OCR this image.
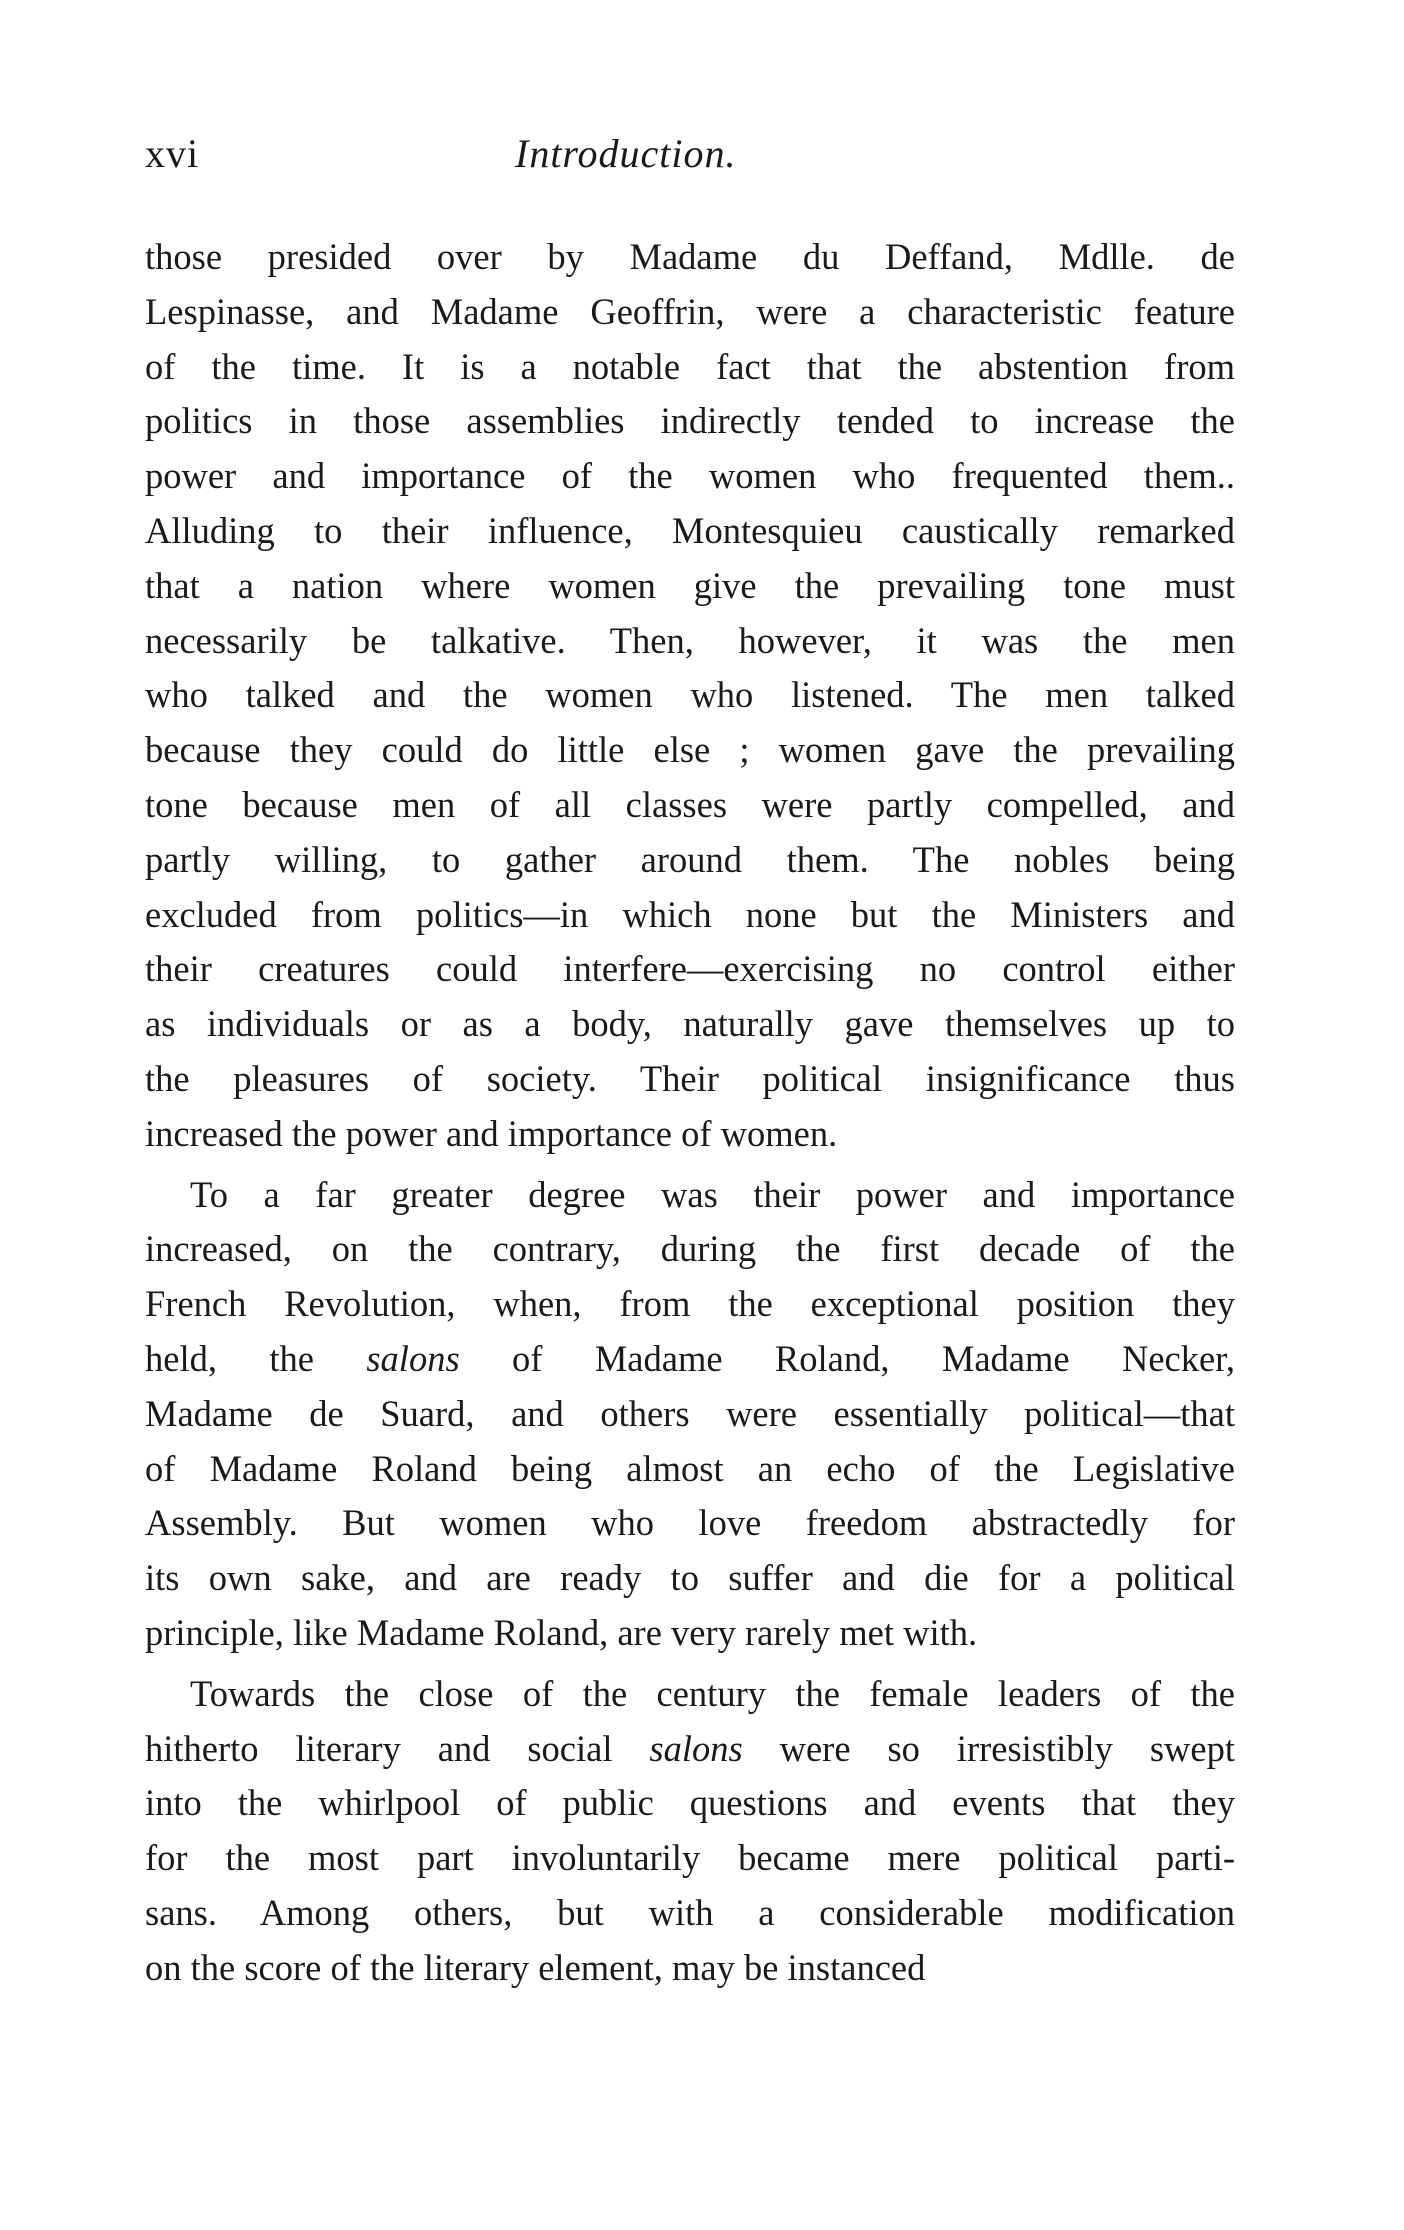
xvi	Introduction.
those presided over by Madame du Deffand, Mdlle. de
Lespinasse, and Madame Geoffrin, were a characteristic feature
of the time. It is a notable fact that the abstention from
politics in those assemblies indirectly tended to increase the
power and importance of the women who frequented them..
Alluding to their influence, Montesquieu caustically remarked
that a nation where women give the prevailing tone must
necessarily be talkative. Then, however, it was the men
who talked and the women who listened. The men talked
because they could do little else ; women gave the prevailing
tone because men of all classes were partly compelled, and
partly willing, to gather around them. The nobles being
excluded from politics—in which none but the Ministers and
their creatures could interfere—exercising no control either
as individuals or as a body, naturally gave themselves up to
the pleasures of society. Their political insignificance thus
increased the power and importance of women.
To a far greater degree was their power and importance
increased, on the contrary, during the first decade of the
French Revolution, when, from the exceptional position they
held, the salons of Madame Roland, Madame Necker,
Madame de Suard, and others were essentially political—that
of Madame Roland being almost an echo of the Legislative
Assembly. But women who love freedom abstractedly for
its own sake, and are ready to suffer and die for a political
principle, like Madame Roland, are very rarely met with.
Towards the close of the century the female leaders of the
hitherto literary and social salons were so irresistibly swept
into the whirlpool of public questions and events that they
for the most part involuntarily became mere political parti-
sans. Among others, but with a considerable modification
on the score of the literary element, may be instanced
